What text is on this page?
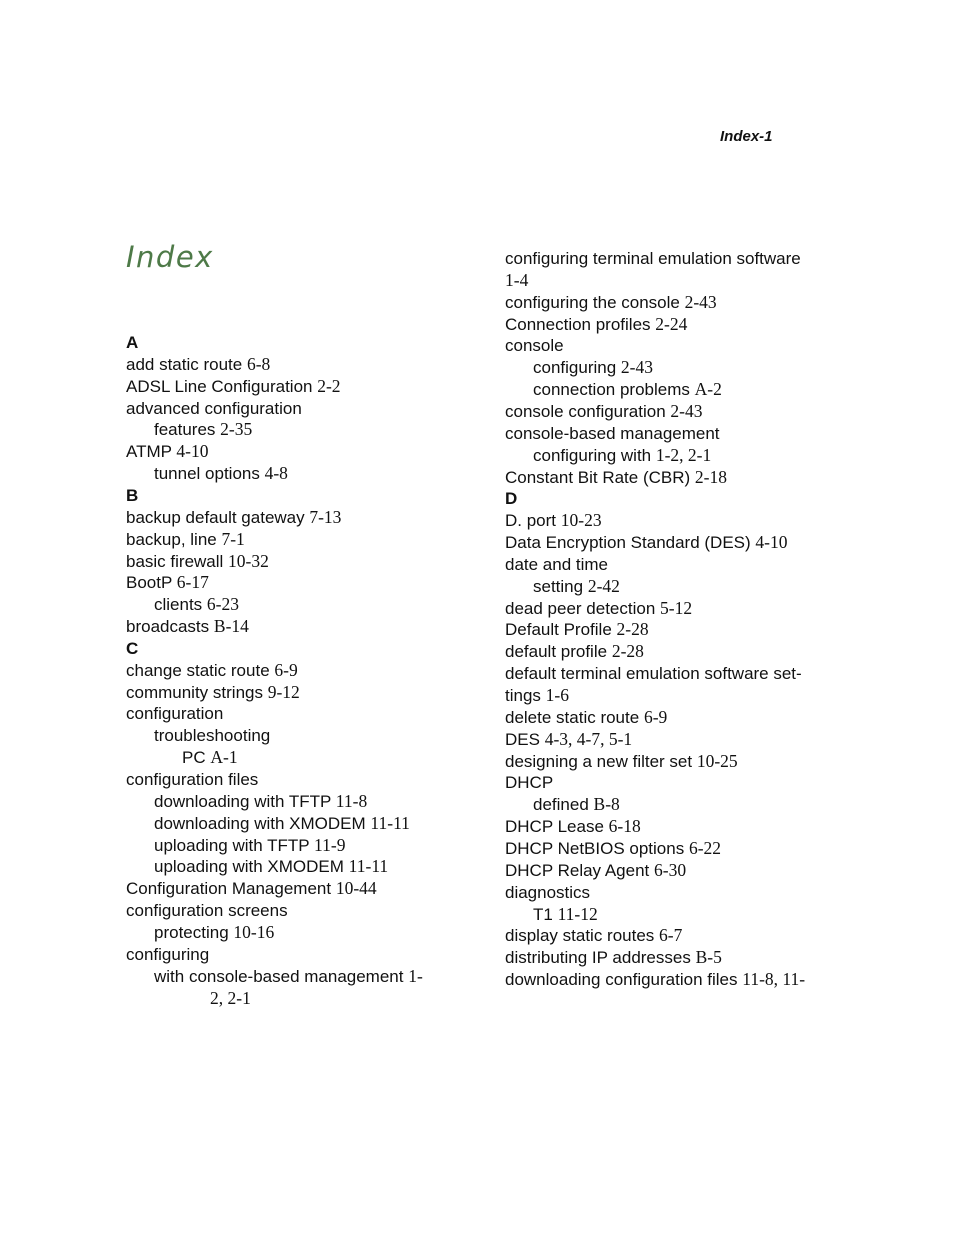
Index-1
Index
A
add static route 6-8
ADSL Line Configuration 2-2
advanced configuration
features 2-35
ATMP 4-10
tunnel options 4-8
B
backup default gateway 7-13
backup, line 7-1
basic firewall 10-32
BootP 6-17
clients 6-23
broadcasts B-14
C
change static route 6-9
community strings 9-12
configuration
troubleshooting
PC A-1
configuration files
downloading with TFTP 11-8
downloading with XMODEM 11-11
uploading with TFTP 11-9
uploading with XMODEM 11-11
Configuration Management 10-44
configuration screens
protecting 10-16
configuring
with console-based management 1-
2, 2-1
configuring terminal emulation software
1-4
configuring the console 2-43
Connection profiles 2-24
console
configuring 2-43
connection problems A-2
console configuration 2-43
console-based management
configuring with 1-2, 2-1
Constant Bit Rate (CBR) 2-18
D
D. port 10-23
Data Encryption Standard (DES) 4-10
date and time
setting 2-42
dead peer detection 5-12
Default Profile 2-28
default profile 2-28
default terminal emulation software set-
tings 1-6
delete static route 6-9
DES 4-3, 4-7, 5-1
designing a new filter set 10-25
DHCP
defined B-8
DHCP Lease 6-18
DHCP NetBIOS options 6-22
DHCP Relay Agent 6-30
diagnostics
T1 11-12
display static routes 6-7
distributing IP addresses B-5
downloading configuration files 11-8, 11-
